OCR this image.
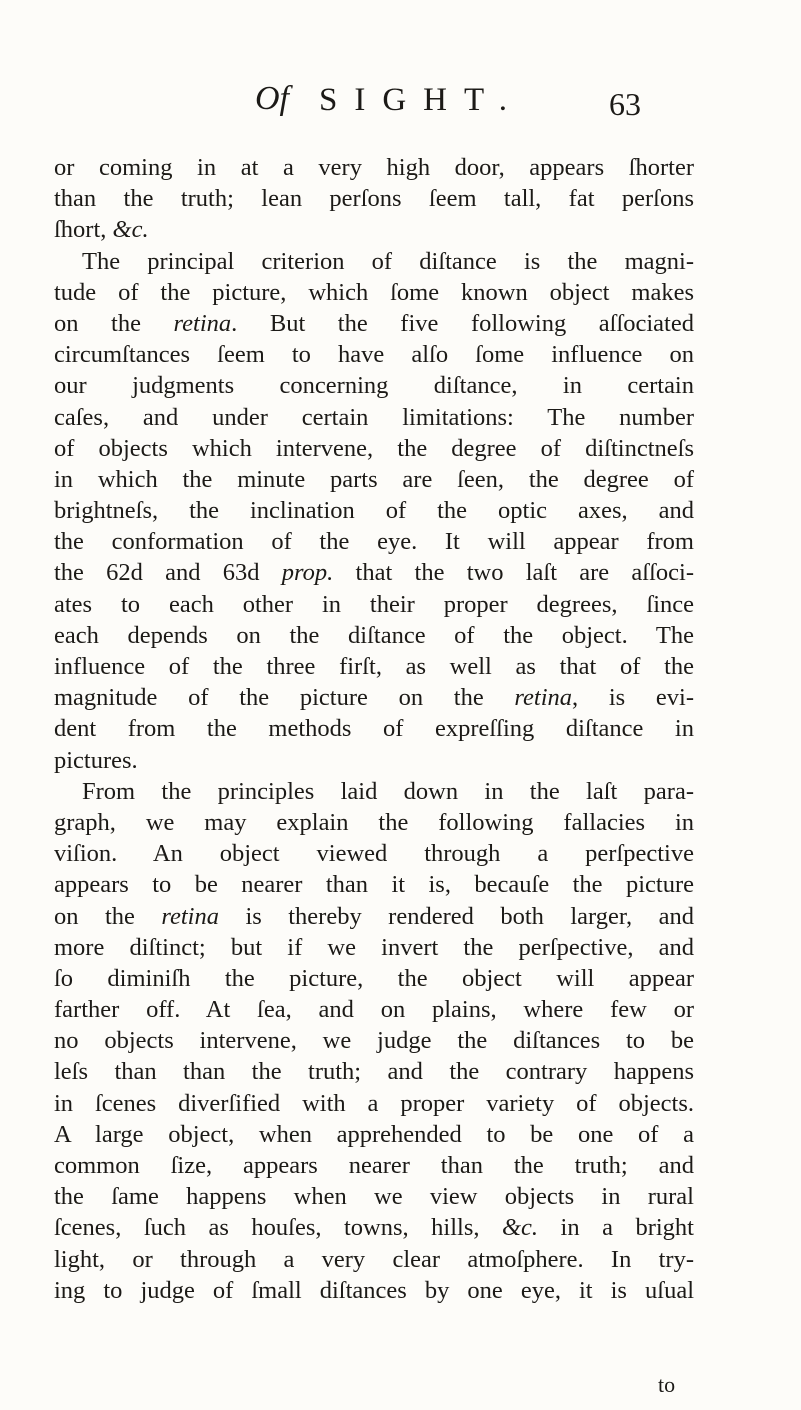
Of SIGHT.	63
or coming in at a very high door, appears ſhorter
than the truth; lean perſons ſeem tall, fat perſons
ſhort, &c.
The principal criterion of diſtance is the magni-
tude of the picture, which ſome known object makes
on the retina. But the five following aſſociated
circumſtances ſeem to have alſo ſome influence on
our judgments concerning diſtance, in certain
caſes, and under certain limitations: The number
of objects which intervene, the degree of diſtinctneſs
in which the minute parts are ſeen, the degree of
brightneſs, the inclination of the optic axes, and
the conformation of the eye. It will appear from
the 62d and 63d prop. that the two laſt are aſſoci-
ates to each other in their proper degrees, ſince
each depends on the diſtance of the object. The
influence of the three firſt, as well as that of the
magnitude of the picture on the retina, is evi-
dent from the methods of expreſſing diſtance in
pictures.
From the principles laid down in the laſt para-
graph, we may explain the following fallacies in
viſion. An object viewed through a perſpective
appears to be nearer than it is, becauſe the picture
on the retina is thereby rendered both larger, and
more diſtinct; but if we invert the perſpective, and
ſo diminiſh the picture, the object will appear
farther off. At ſea, and on plains, where few or
no objects intervene, we judge the diſtances to be
leſs than than the truth; and the contrary happens
in ſcenes diverſified with a proper variety of objects.
A large object, when apprehended to be one of a
common ſize, appears nearer than the truth; and
the ſame happens when we view objects in rural
ſcenes, ſuch as houſes, towns, hills, &c. in a bright
light, or through a very clear atmoſphere. In try-
ing to judge of ſmall diſtances by one eye, it is uſual
to
